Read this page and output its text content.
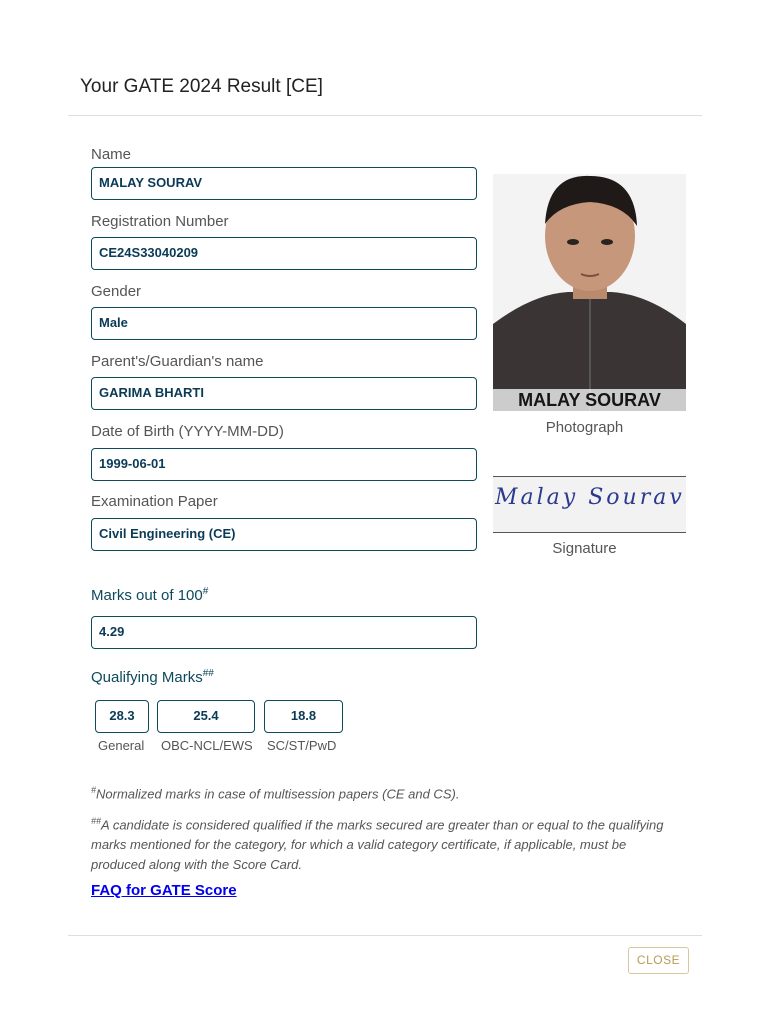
Your GATE 2024 Result [CE]
Name
MALAY SOURAV
Registration Number
CE24S33040209
Gender
Male
Parent's/Guardian's name
GARIMA BHARTI
Date of Birth (YYYY-MM-DD)
1999-06-01
Examination Paper
Civil Engineering (CE)
MALAY SOURAV
Photograph
Malay Sourav
Signature
Marks out of 100#
4.29
Qualifying Marks##
28.3	25.4	18.8
General OBC-NCL/EWS SC/ST/PwD
#Normalized marks in case of multisession papers (CE and CS).
##A candidate is considered qualified if the marks secured are greater than or equal to the qualifying marks mentioned for the category, for which a valid category certificate, if applicable, must be produced along with the Score Card.
FAQ for GATE Score
CLOSE
